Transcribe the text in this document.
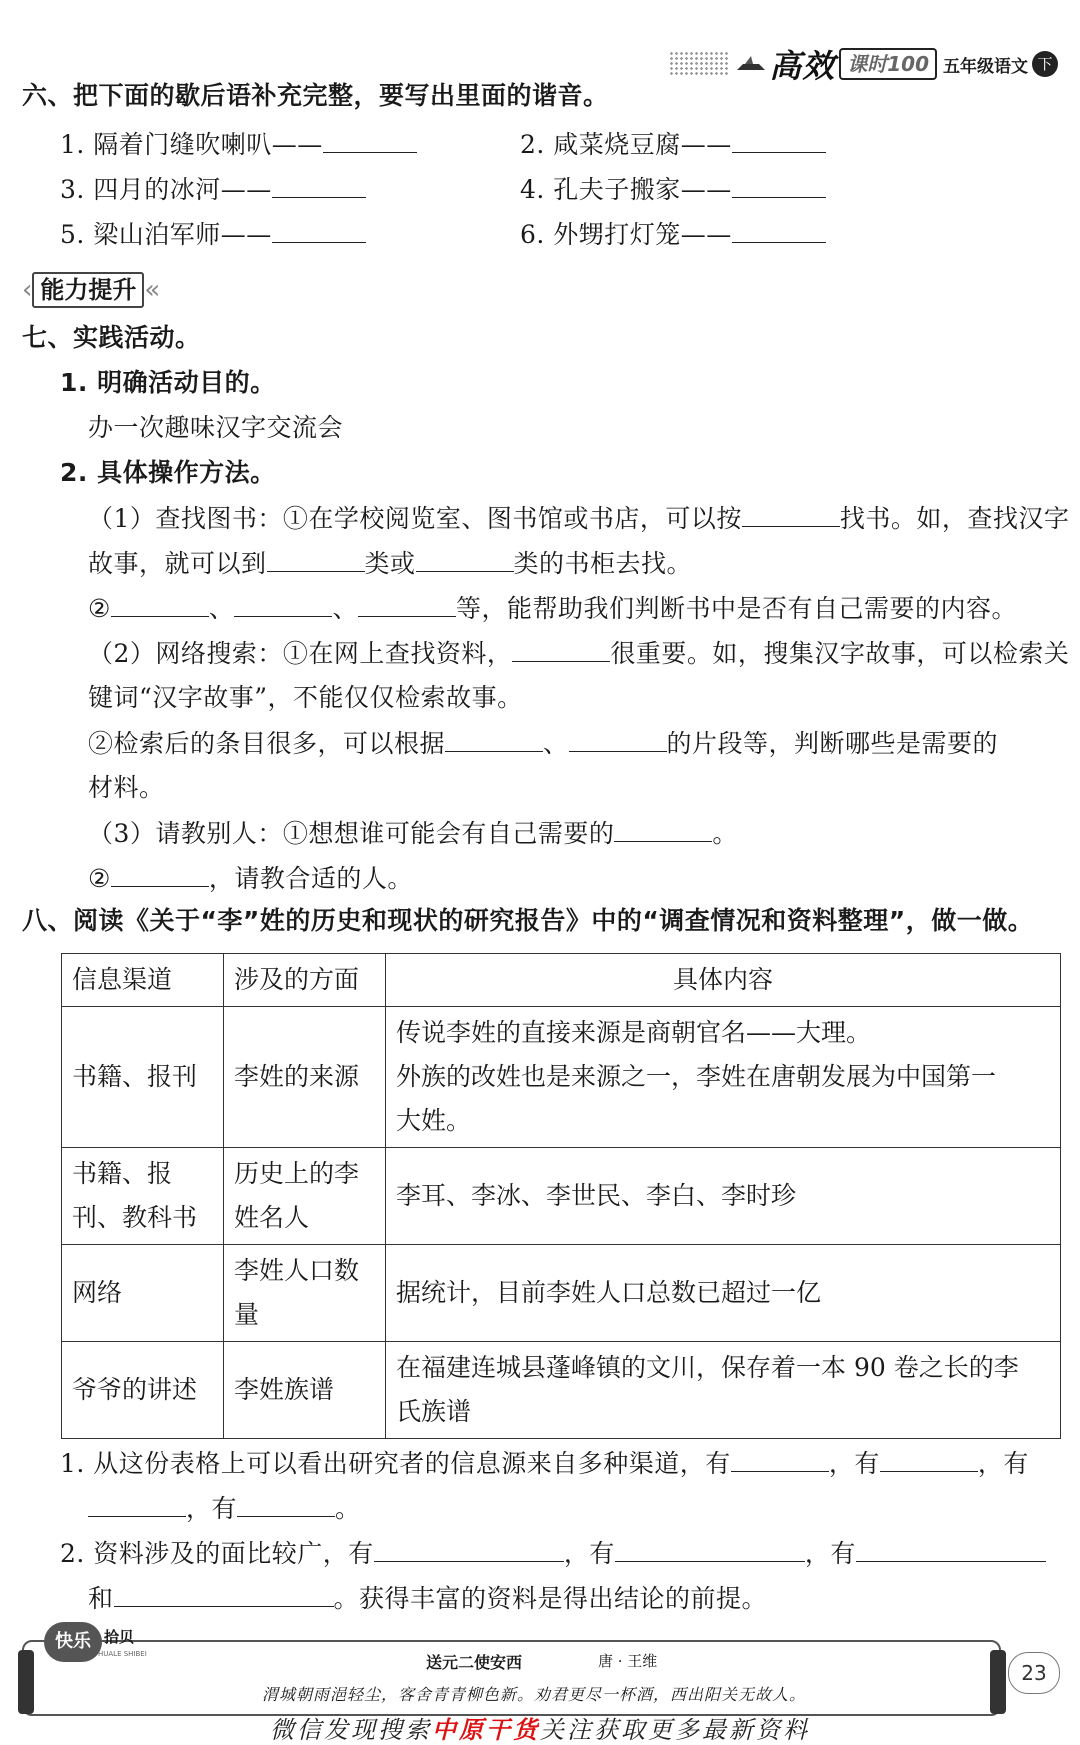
高效 课时100 五年级语文 下
六、把下面的歇后语补充完整，要写出里面的谐音。
1. 隔着门缝吹喇叭——	2. 咸菜烧豆腐——
3. 四月的冰河——	4. 孔夫子搬家——
5. 梁山泊军师——	6. 外甥打灯笼——
‹ 能力提升 «
七、实践活动。
1. 明确活动目的。
办一次趣味汉字交流会
2. 具体操作方法。
（1）查找图书：①在学校阅览室、图书馆或书店，可以按	找书。如，查找汉字
故事，就可以到	类或	类的书柜去找。
②	、	、	等，能帮助我们判断书中是否有自己需要的内容。
（2）网络搜索：①在网上查找资料，	很重要。如，搜集汉字故事，可以检索关
键词“汉字故事”，不能仅仅检索故事。
②检索后的条目很多，可以根据	、	的片段等，判断哪些是需要的
材料。
（3）请教别人：①想想谁可能会有自己需要的	。
②	，请教合适的人。
八、阅读《关于“李”姓的历史和现状的研究报告》中的“调查情况和资料整理”，做一做。
信息渠道	涉及的方面	具体内容
书籍、报刊	李姓的来源	传说李姓的直接来源是商朝官名——大理。
外族的改姓也是来源之一，李姓在唐朝发展为中国第一
大姓。

书籍、报刊、教科书	历史上的李姓名人	李耳、李冰、李世民、李白、李时珍
网络	李姓人口数量	据统计，目前李姓人口总数已超过一亿
爷爷的讲述	李姓族谱	在福建连城县蓬峰镇的文川，保存着一本 90 卷之长的李
氏族谱
1. 从这份表格上可以看出研究者的信息源来自多种渠道，有	，有	，有
，有	。
2. 资料涉及的面比较广，有	，有	，有
和	。获得丰富的资料是得出结论的前提。
快乐 拾贝
HUALE SHIBEI	送元二使安西	唐 · 王维
渭城朝雨浥轻尘，客舍青青柳色新。劝君更尽一杯酒，西出阳关无故人。
23
微信发现搜索中原干货关注获取更多最新资料
